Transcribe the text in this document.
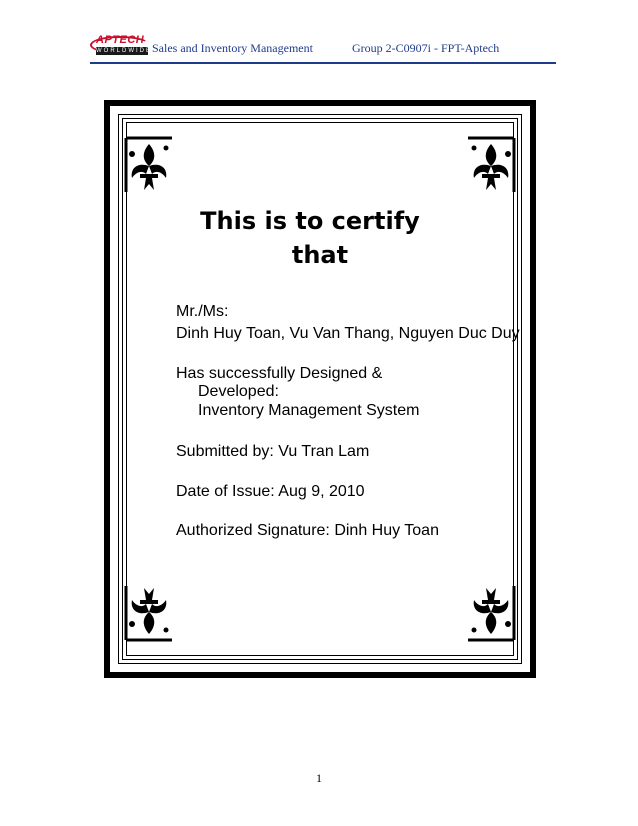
APTECH
WORLDWIDE Sales and Inventory Management	Group 2-C0907i - FPT-Aptech
This is to certify
that
Mr./Ms:
Dinh Huy Toan, Vu Van Thang, Nguyen Duc Duy
Has successfully Designed &
Developed:
Inventory Management System
Submitted by: Vu Tran Lam
Date of Issue: Aug 9, 2010
Authorized Signature: Dinh Huy Toan
1
